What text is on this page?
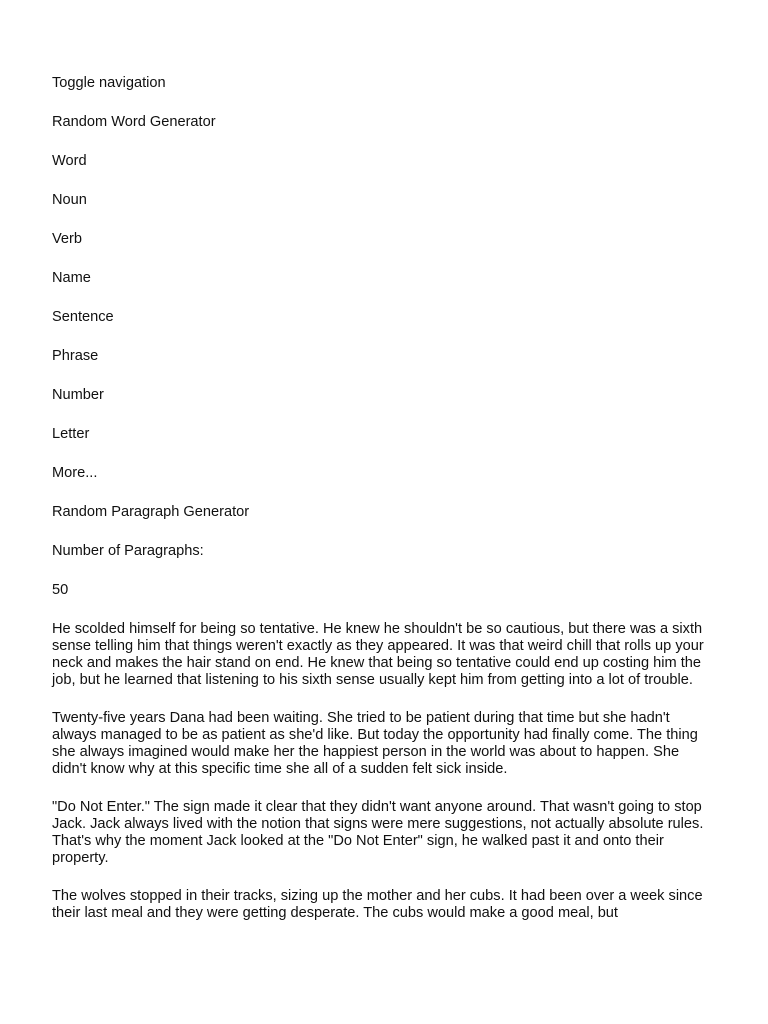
Toggle navigation
Random Word Generator
Word
Noun
Verb
Name
Sentence
Phrase
Number
Letter
More...
Random Paragraph Generator
Number of Paragraphs:
50

He scolded himself for being so tentative. He knew he shouldn't be so cautious, but there was a sixth sense telling him that things weren't exactly as they appeared. It was that weird chill that rolls up your neck and makes the hair stand on end. He knew that being so tentative could end up costing him the job, but he learned that listening to his sixth sense usually kept him from getting into a lot of trouble.

Twenty-five years Dana had been waiting. She tried to be patient during that time but she hadn't always managed to be as patient as she'd like. But today the opportunity had finally come. The thing she always imagined would make her the happiest person in the world was about to happen. She didn't know why at this specific time she all of a sudden felt sick inside.

"Do Not Enter." The sign made it clear that they didn't want anyone around. That wasn't going to stop Jack. Jack always lived with the notion that signs were mere suggestions, not actually absolute rules. That's why the moment Jack looked at the "Do Not Enter" sign, he walked past it and onto their property.

The wolves stopped in their tracks, sizing up the mother and her cubs. It had been over a week since their last meal and they were getting desperate. The cubs would make a good meal, but
